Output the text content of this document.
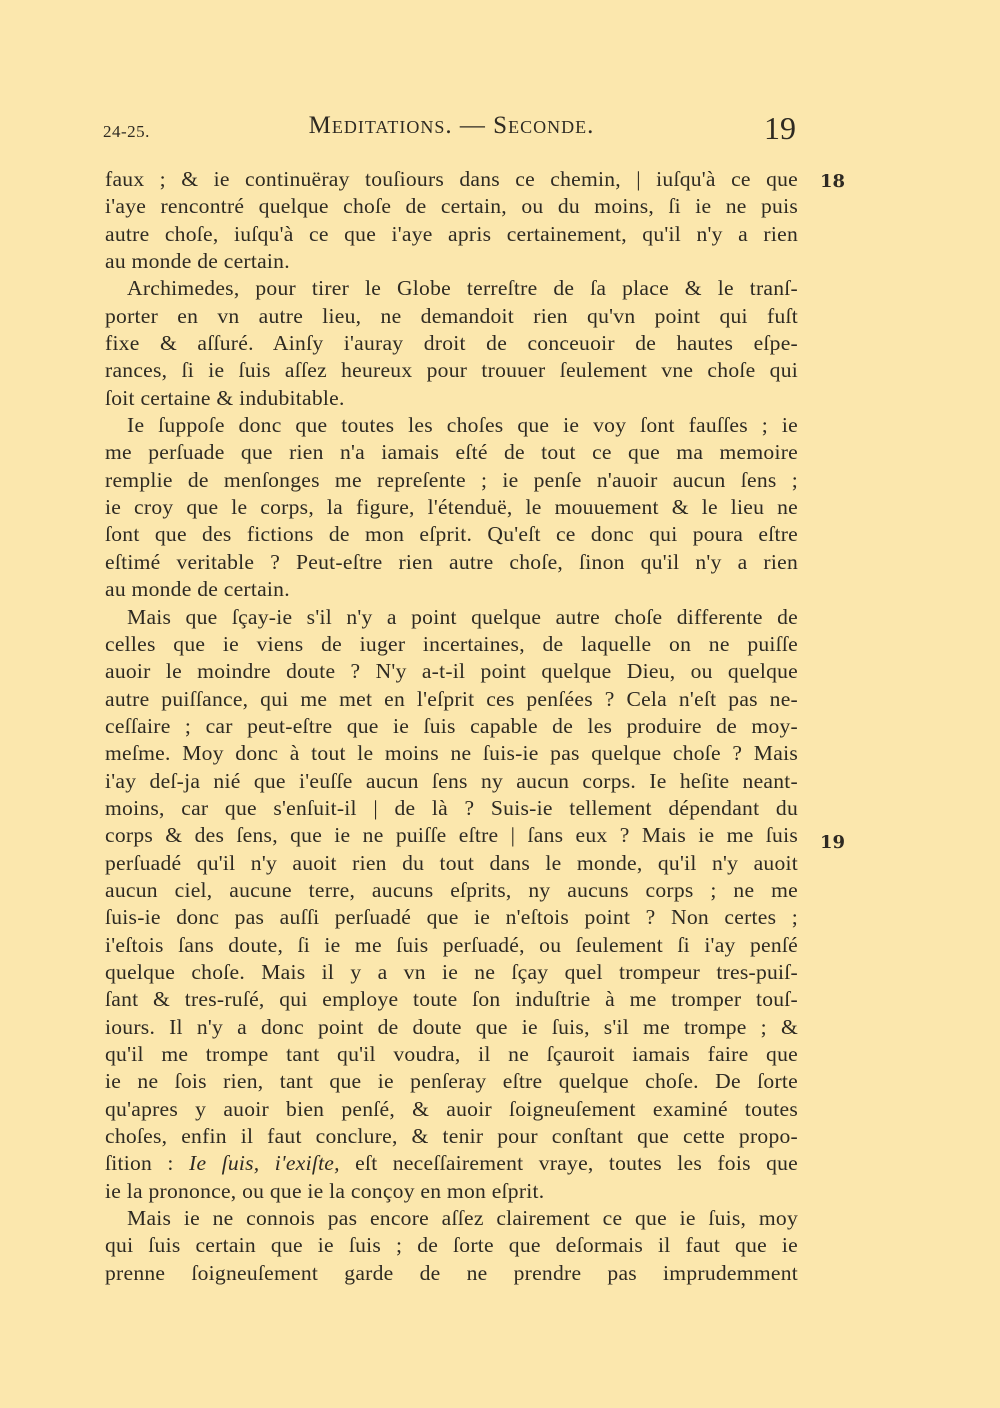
24-25.	Meditations. — Seconde.	19
18
19

faux ; & ie continuëray touſiours dans ce chemin, | iuſqu'à ce que
i'aye rencontré quelque choſe de certain, ou du moins, ſi ie ne puis
autre choſe, iuſqu'à ce que i'aye apris certainement, qu'il n'y a rien
au monde de certain.

Archimedes, pour tirer le Globe terreſtre de ſa place & le tranſ-
porter en vn autre lieu, ne demandoit rien qu'vn point qui fuſt
fixe & aſſuré. Ainſy i'auray droit de conceuoir de hautes eſpe-
rances, ſi ie ſuis aſſez heureux pour trouuer ſeulement vne choſe qui
ſoit certaine & indubitable.

Ie ſuppoſe donc que toutes les choſes que ie voy ſont fauſſes ; ie
me perſuade que rien n'a iamais eſté de tout ce que ma memoire
remplie de menſonges me repreſente ; ie penſe n'auoir aucun ſens ;
ie croy que le corps, la figure, l'étenduë, le mouuement & le lieu ne
ſont que des fictions de mon eſprit. Qu'eſt ce donc qui poura eſtre
eſtimé veritable ? Peut-eſtre rien autre choſe, ſinon qu'il n'y a rien
au monde de certain.

Mais que ſçay-ie s'il n'y a point quelque autre choſe differente de
celles que ie viens de iuger incertaines, de laquelle on ne puiſſe
auoir le moindre doute ? N'y a-t-il point quelque Dieu, ou quelque
autre puiſſance, qui me met en l'eſprit ces penſées ? Cela n'eſt pas ne-
ceſſaire ; car peut-eſtre que ie ſuis capable de les produire de moy-
meſme. Moy donc à tout le moins ne ſuis-ie pas quelque choſe ? Mais
i'ay deſ-ja nié que i'euſſe aucun ſens ny aucun corps. Ie heſite neant-
moins, car que s'enſuit-il | de là ? Suis-ie tellement dépendant du
corps & des ſens, que ie ne puiſſe eſtre | ſans eux ? Mais ie me ſuis
perſuadé qu'il n'y auoit rien du tout dans le monde, qu'il n'y auoit
aucun ciel, aucune terre, aucuns eſprits, ny aucuns corps ; ne me
ſuis-ie donc pas auſſi perſuadé que ie n'eſtois point ? Non certes ;
i'eſtois ſans doute, ſi ie me ſuis perſuadé, ou ſeulement ſi i'ay penſé
quelque choſe. Mais il y a vn ie ne ſçay quel trompeur tres-puiſ-
ſant & tres-ruſé, qui employe toute ſon induſtrie à me tromper touſ-
iours. Il n'y a donc point de doute que ie ſuis, s'il me trompe ; &
qu'il me trompe tant qu'il voudra, il ne ſçauroit iamais faire que
ie ne ſois rien, tant que ie penſeray eſtre quelque choſe. De ſorte
qu'apres y auoir bien penſé, & auoir ſoigneuſement examiné toutes
choſes, enfin il faut conclure, & tenir pour conſtant que cette propo-
ſition : Ie ſuis, i'exiſte, eſt neceſſairement vraye, toutes les fois que
ie la prononce, ou que ie la conçoy en mon eſprit.

Mais ie ne connois pas encore aſſez clairement ce que ie ſuis, moy
qui ſuis certain que ie ſuis ; de ſorte que deſormais il faut que ie
prenne ſoigneuſement garde de ne prendre pas imprudemment
